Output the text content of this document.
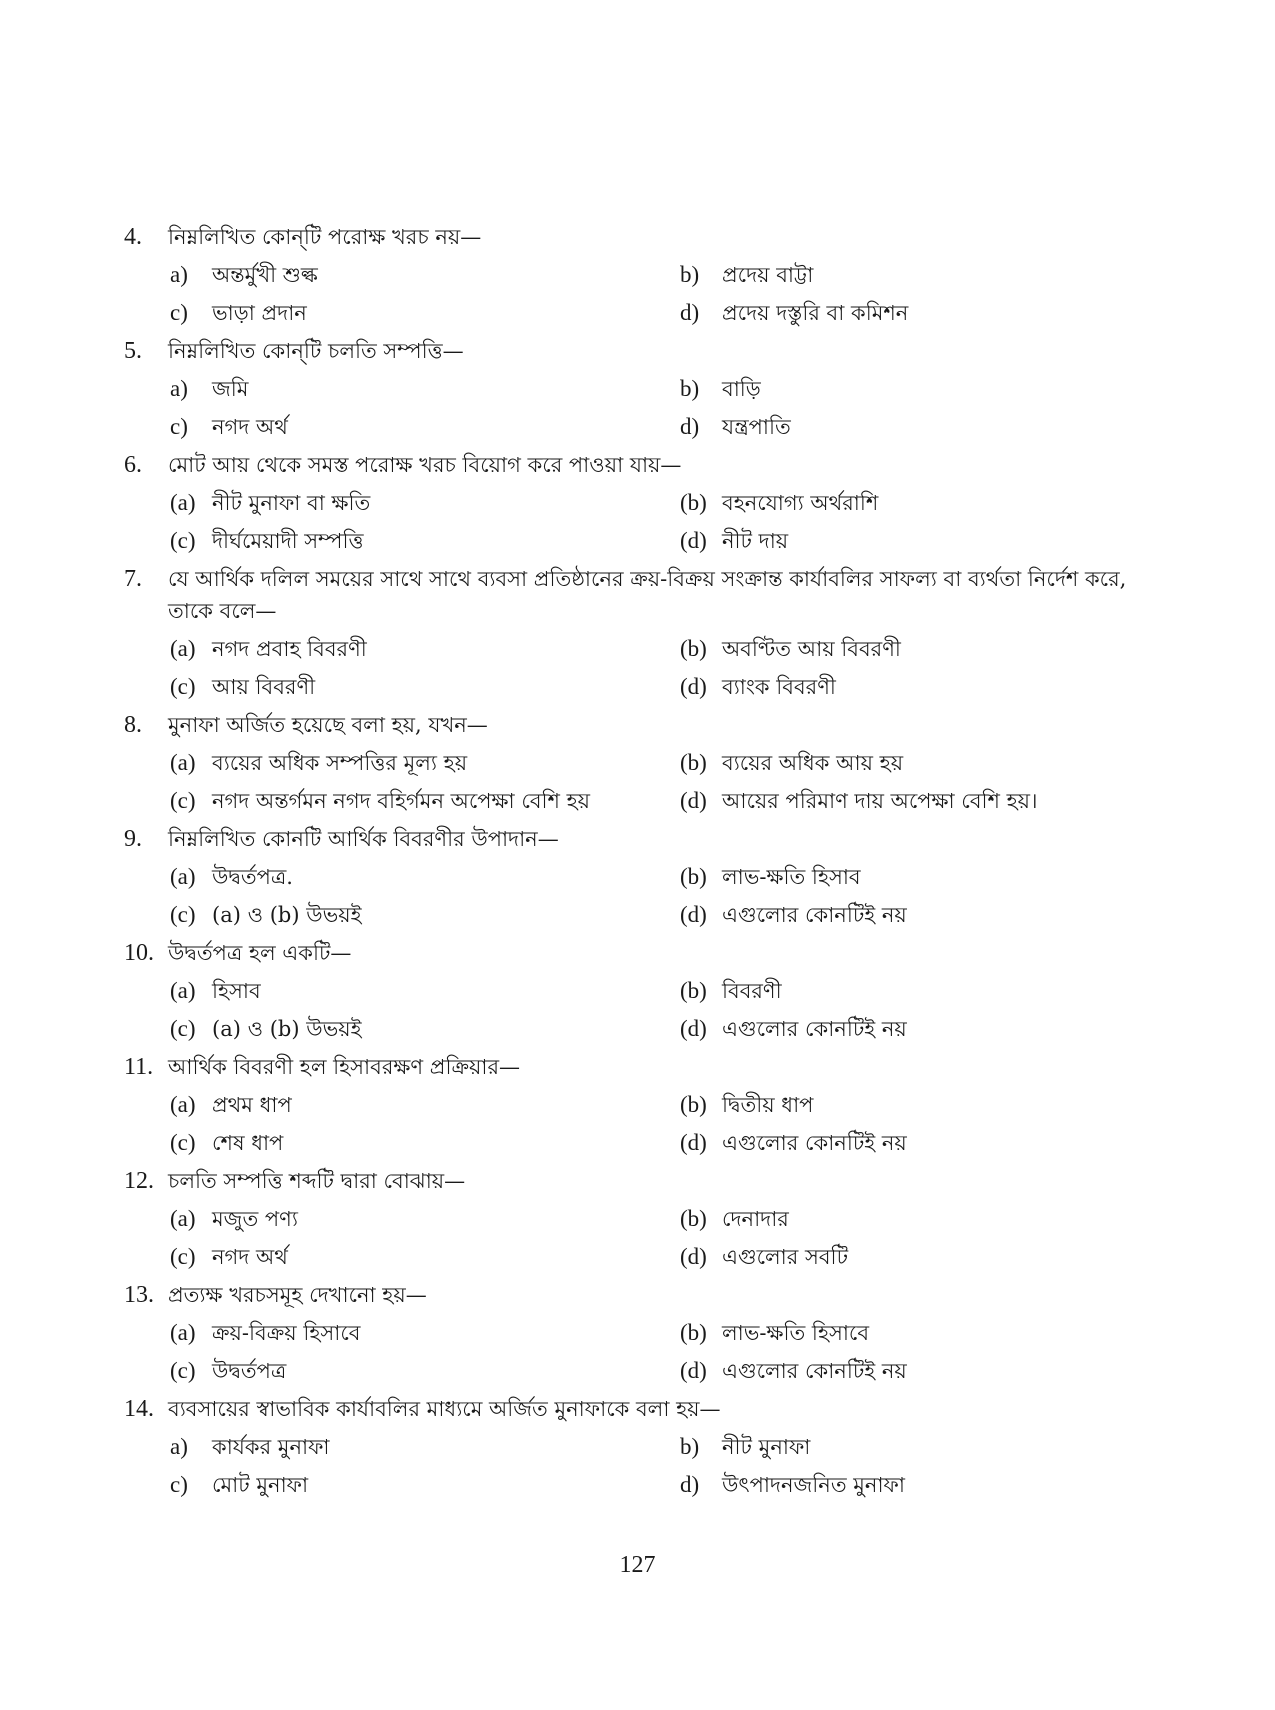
4.	নিম্নলিখিত কোন্‌টি পরোক্ষ খরচ নয়—
a)	অন্তর্মুখী শুল্ক	b)	প্রদেয় বাট্টা
c)	ভাড়া প্রদান	d)	প্রদেয় দস্তুরি বা কমিশন
5.	নিম্নলিখিত কোন্‌টি চলতি সম্পত্তি—
a)	জমি	b)	বাড়ি
c)	নগদ অর্থ	d)	যন্ত্রপাতি
6.	মোট আয় থেকে সমস্ত পরোক্ষ খরচ বিয়োগ করে পাওয়া যায়—
(a) নীট মুনাফা বা ক্ষতি	(b) বহনযোগ্য অর্থরাশি
(c) দীর্ঘমেয়াদী সম্পত্তি	(d) নীট দায়
7.	যে আর্থিক দলিল সময়ের সাথে সাথে ব্যবসা প্রতিষ্ঠানের ক্রয়-বিক্রয় সংক্রান্ত কার্যাবলির সাফল্য বা ব্যর্থতা নির্দেশ করে, তাকে বলে—
(a) নগদ প্রবাহ বিবরণী	(b) অবণ্টিত আয় বিবরণী
(c) আয় বিবরণী	(d) ব্যাংক বিবরণী
8.	মুনাফা অর্জিত হয়েছে বলা হয়, যখন—
(a) ব্যয়ের অধিক সম্পত্তির মূল্য হয়	(b) ব্যয়ের অধিক আয় হয়
(c) নগদ অন্তর্গমন নগদ বহির্গমন অপেক্ষা বেশি হয়	(d) আয়ের পরিমাণ দায় অপেক্ষা বেশি হয়।
9.	নিম্নলিখিত কোনটি আর্থিক বিবরণীর উপাদান—
(a) উদ্বর্তপত্র.	(b) লাভ-ক্ষতি হিসাব
(c) (a) ও (b) উভয়ই	(d) এগুলোর কোনটিই নয়
10. উদ্বর্তপত্র হল একটি—
(a) হিসাব	(b) বিবরণী
(c) (a) ও (b) উভয়ই	(d) এগুলোর কোনটিই নয়
11. আর্থিক বিবরণী হল হিসাবরক্ষণ প্রক্রিয়ার—
(a) প্রথম ধাপ	(b) দ্বিতীয় ধাপ
(c) শেষ ধাপ	(d) এগুলোর কোনটিই নয়
12. চলতি সম্পত্তি শব্দটি দ্বারা বোঝায়—
(a) মজুত পণ্য	(b) দেনাদার
(c) নগদ অর্থ	(d) এগুলোর সবটি
13. প্রত্যক্ষ খরচসমূহ দেখানো হয়—
(a) ক্রয়-বিক্রয় হিসাবে	(b) লাভ-ক্ষতি হিসাবে
(c) উদ্বর্তপত্র	(d) এগুলোর কোনটিই নয়
14. ব্যবসায়ের স্বাভাবিক কার্যাবলির মাধ্যমে অর্জিত মুনাফাকে বলা হয়—
a)	কার্যকর মুনাফা	b)	নীট মুনাফা
c)	মোট মুনাফা	d)	উৎপাদনজনিত মুনাফা
127
